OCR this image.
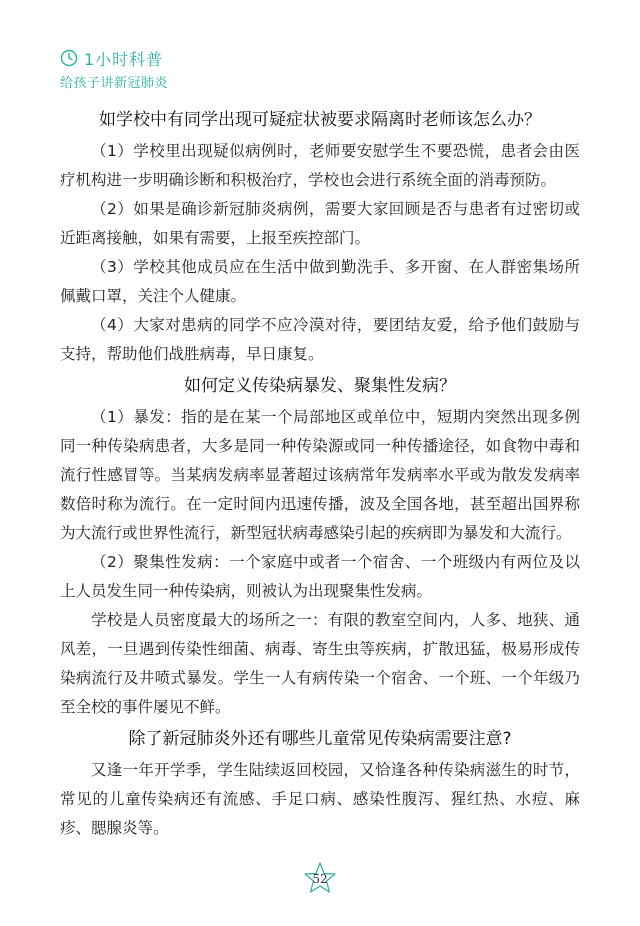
1小时科普
给孩子讲新冠肺炎
如学校中有同学出现可疑症状被要求隔离时老师该怎么办？

（1）学校里出现疑似病例时，老师要安慰学生不要恐慌，患者会由医疗机构进一步明确诊断和积极治疗，学校也会进行系统全面的消毒预防。

（2）如果是确诊新冠肺炎病例，需要大家回顾是否与患者有过密切或近距离接触，如果有需要，上报至疾控部门。

（3）学校其他成员应在生活中做到勤洗手、多开窗、在人群密集场所佩戴口罩，关注个人健康。

（4）大家对患病的同学不应冷漠对待，要团结友爱，给予他们鼓励与支持，帮助他们战胜病毒，早日康复。

如何定义传染病暴发、聚集性发病？

（1）暴发：指的是在某一个局部地区或单位中，短期内突然出现多例同一种传染病患者，大多是同一种传染源或同一种传播途径，如食物中毒和流行性感冒等。当某病发病率显著超过该病常年发病率水平或为散发发病率数倍时称为流行。在一定时间内迅速传播，波及全国各地，甚至超出国界称为大流行或世界性流行，新型冠状病毒感染引起的疾病即为暴发和大流行。

（2）聚集性发病：一个家庭中或者一个宿舍、一个班级内有两位及以上人员发生同一种传染病，则被认为出现聚集性发病。

学校是人员密度最大的场所之一：有限的教室空间内，人多、地狭、通风差，一旦遇到传染性细菌、病毒、寄生虫等疾病，扩散迅猛，极易形成传染病流行及井喷式暴发。学生一人有病传染一个宿舍、一个班、一个年级乃至全校的事件屡见不鲜。

除了新冠肺炎外还有哪些儿童常见传染病需要注意?

又逢一年开学季，学生陆续返回校园，又恰逢各种传染病滋生的时节，常见的儿童传染病还有流感、手足口病、感染性腹泻、猩红热、水痘、麻疹、腮腺炎等。

52
